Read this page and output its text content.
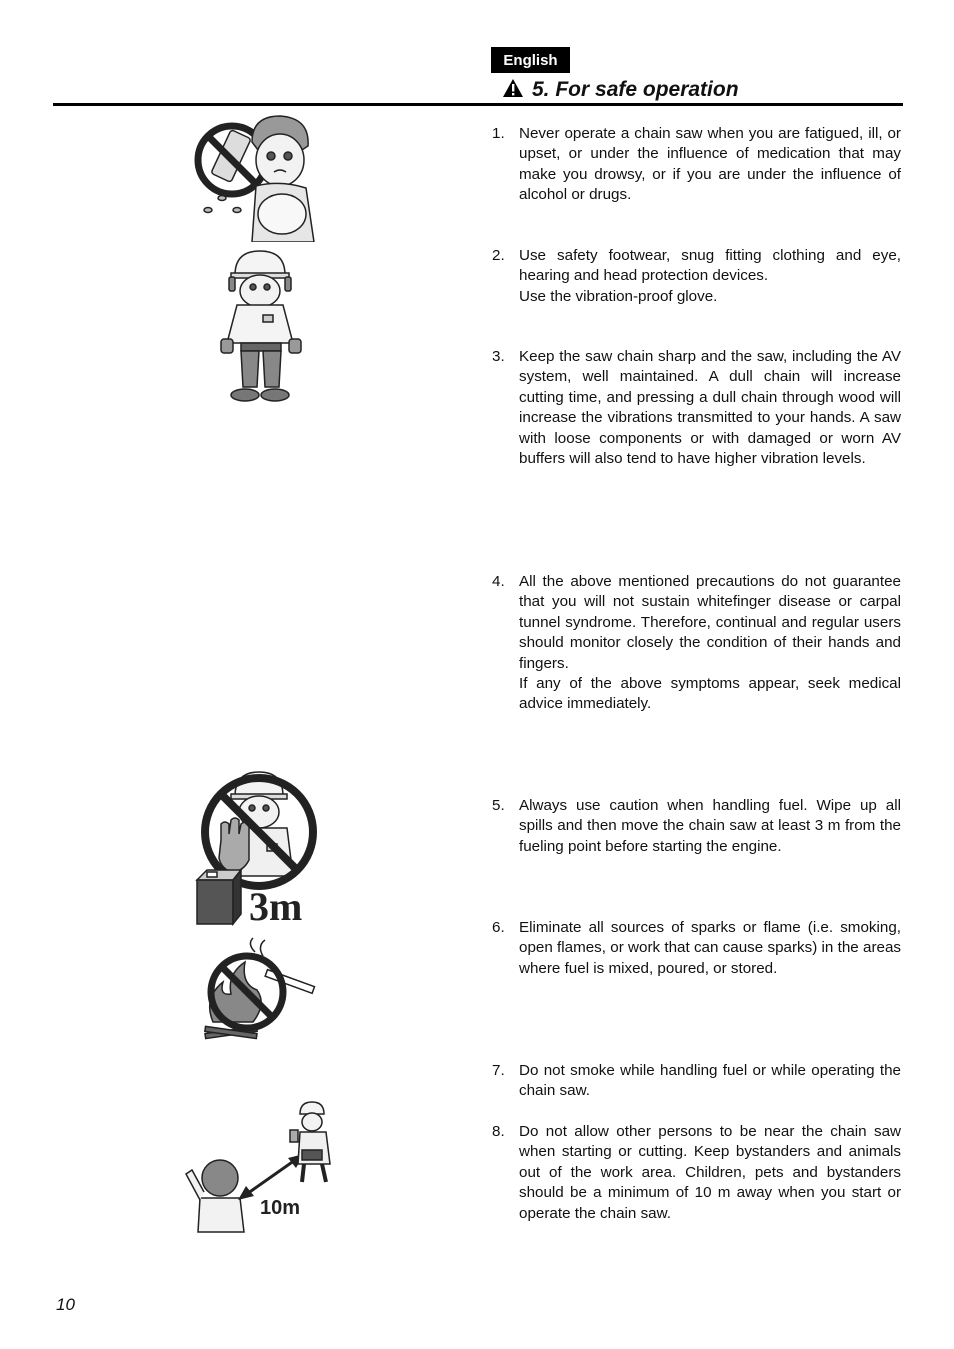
English
5. For safe operation
1. Never operate a chain saw when you are fatigued, ill, or upset, or under the influence of medication that may make you drowsy, or if you are under the influence of alcohol or drugs.

2. Use safety footwear, snug fitting clothing and eye, hearing and head protection devices.

Use the vibration-proof glove.

3. Keep the saw chain sharp and the saw, including the AV system, well maintained. A dull chain will increase cutting time, and pressing a dull chain through wood will increase the vibrations transmitted to your hands. A saw with loose components or with damaged or worn AV buffers will also tend to have higher vibration levels.

4. All the above mentioned precautions do not guarantee that you will not sustain whitefinger disease or carpal tunnel syndrome. Therefore, continual and regular users should monitor closely the condition of their hands and fingers.

If any of the above symptoms appear, seek medical advice immediately.

5. Always use caution when handling fuel. Wipe up all spills and then move the chain saw at least 3 m from the fueling point before starting the engine.

6. Eliminate all sources of sparks or flame (i.e. smoking, open flames, or work that can cause sparks) in the areas where fuel is mixed, poured, or stored.

7. Do not smoke while handling fuel or while operating the chain saw.

8. Do not allow other persons to be near the chain saw when starting or cutting. Keep bystanders and animals out of the work area. Children, pets and bystanders should be a minimum of 10 m away when you start or operate the chain saw.

3m
10m
10
